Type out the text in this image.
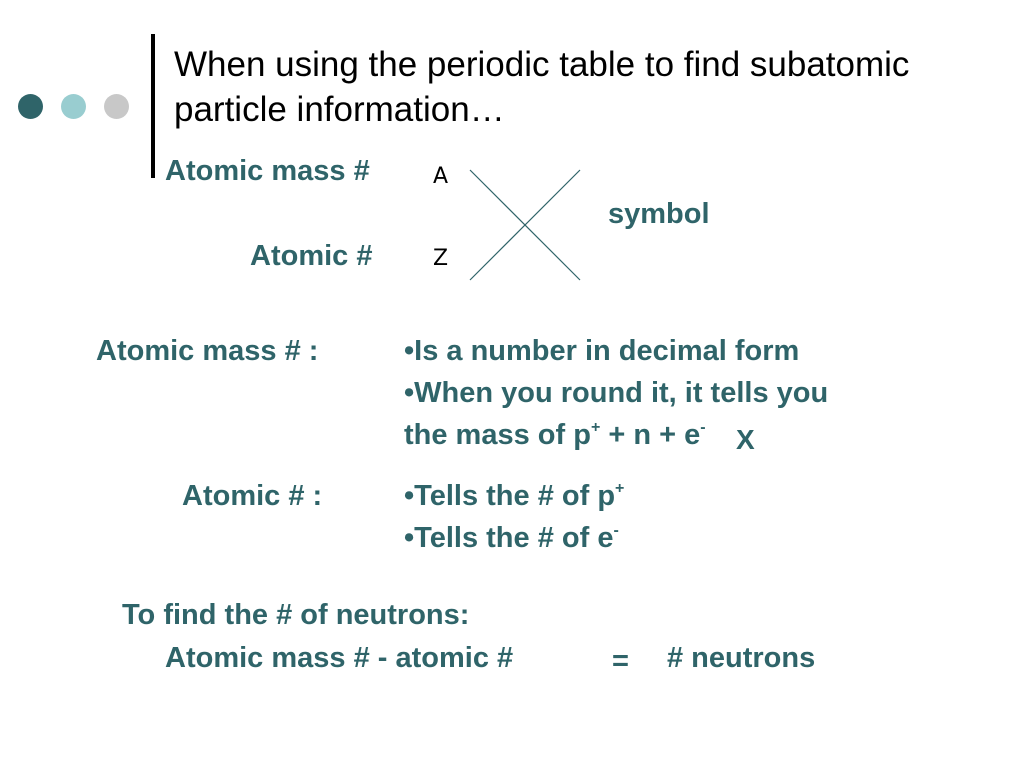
When using the periodic table to find subatomic particle information…
Atomic mass #
Atomic #
A
Z
symbol
Atomic mass # :	•Is a number in decimal form
•When you round it, it tells you
the mass of p+ + n + e- X
Atomic # :	•Tells the # of p+
•Tells the # of e-
To find the # of neutrons:
Atomic mass # - atomic #	= # neutrons
